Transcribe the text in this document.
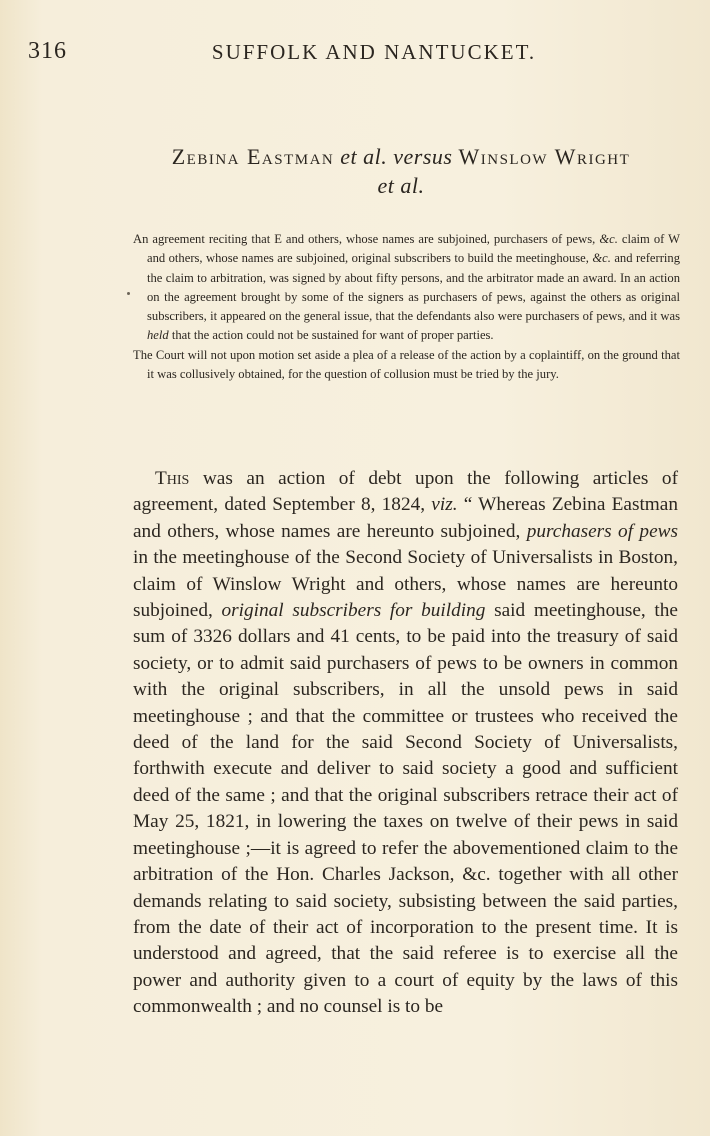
316	SUFFOLK AND NANTUCKET.
Zebina Eastman et al. versus Winslow Wright
et al.

An agreement reciting that E and others, whose names are subjoined, purchasers of pews, &c. claim of W and others, whose names are subjoined, original subscribers to build the meetinghouse, &c. and referring the claim to arbitration, was signed by about fifty persons, and the arbitrator made an award. In an action on the agreement brought by some of the signers as purchasers of pews, against the others as original subscribers, it appeared on the general issue, that the defendants also were purchasers of pews, and it was held that the action could not be sustained for want of proper parties.

The Court will not upon motion set aside a plea of a release of the action by a coplaintiff, on the ground that it was collusively obtained, for the question of collusion must be tried by the jury.

This was an action of debt upon the following articles of agreement, dated September 8, 1824, viz. “ Whereas Zebina Eastman and others, whose names are hereunto subjoined, purchasers of pews in the meetinghouse of the Second Society of Universalists in Boston, claim of Winslow Wright and others, whose names are hereunto subjoined, original subscribers for building said meetinghouse, the sum of 3326 dollars and 41 cents, to be paid into the treasury of said society, or to admit said purchasers of pews to be owners in common with the original subscribers, in all the unsold pews in said meetinghouse ; and that the committee or trustees who received the deed of the land for the said Second Society of Universalists, forthwith execute and deliver to said society a good and sufficient deed of the same ; and that the original subscribers retrace their act of May 25, 1821, in lowering the taxes on twelve of their pews in said meetinghouse ;—it is agreed to refer the abovementioned claim to the arbitration of the Hon. Charles Jackson, &c. together with all other demands relating to said society, subsisting between the said parties, from the date of their act of incorporation to the present time. It is understood and agreed, that the said referee is to exercise all the power and authority given to a court of equity by the laws of this commonwealth ; and no counsel is to be
